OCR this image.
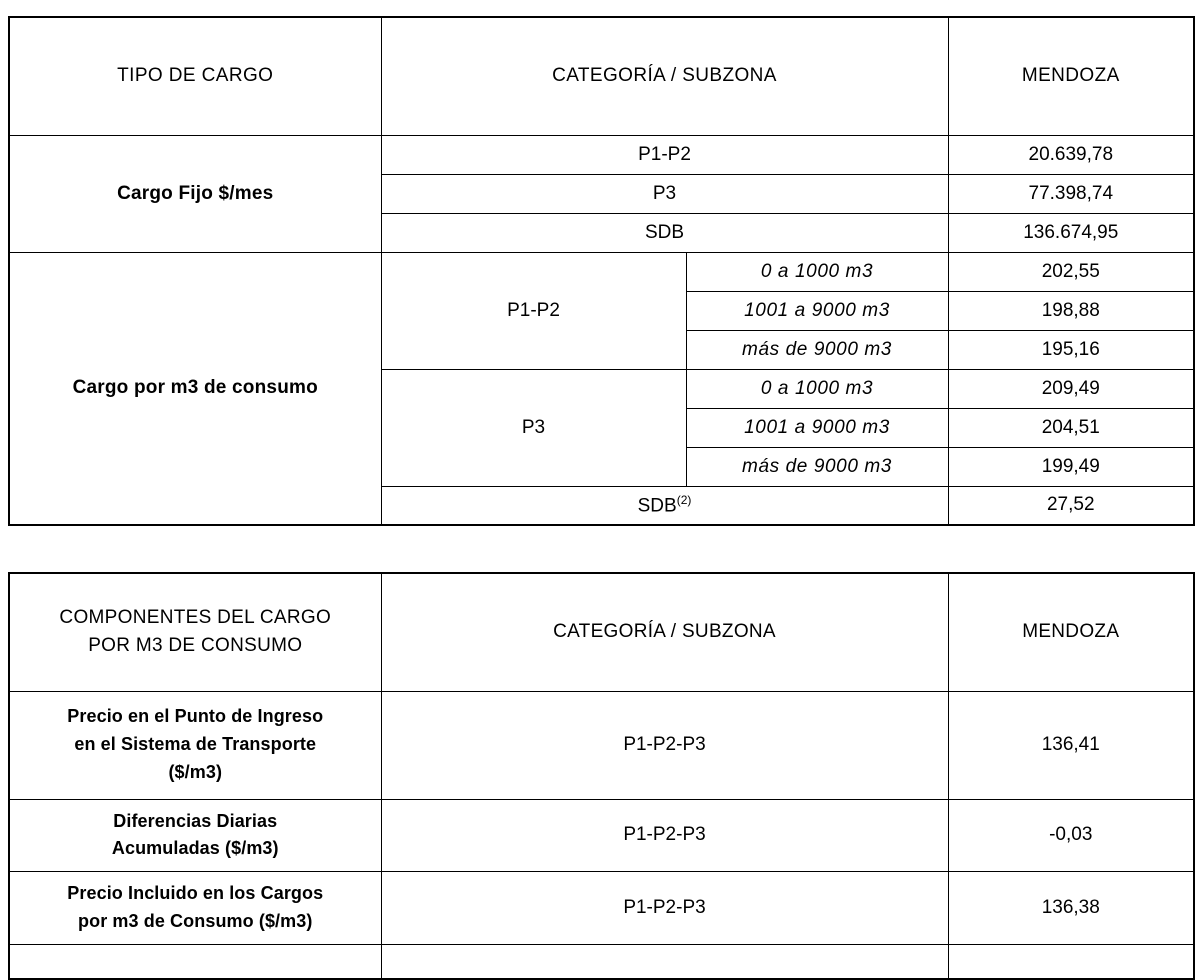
TIPO DE CARGO	CATEGORÍA / SUBZONA		MENDOZA
Cargo Fijo $/mes	P1-P2		20.639,78
	P3		77.398,74
	SDB		136.674,95
Cargo por m3 de consumo	P1-P2	0 a 1000 m3	202,55
		1001 a 9000 m3	198,88
		más de 9000 m3	195,16
	P3	0 a 1000 m3	209,49
		1001 a 9000 m3	204,51
		más de 9000 m3	199,49
	SDB$^{(2)}$		27,52
COMPONENTES DEL CARGO
POR M3 DE CONSUMO	CATEGORÍA / SUBZONA	MENDOZA

Precio en el Punto de Ingreso
en el Sistema de Transporte
($/m3)	P1-P2-P3	136,41

Diferencias Diarias
Acumuladas ($/m3)	P1-P2-P3	-0,03

Precio Incluido en los Cargos
por m3 de Consumo ($/m3)	P1-P2-P3	136,38
